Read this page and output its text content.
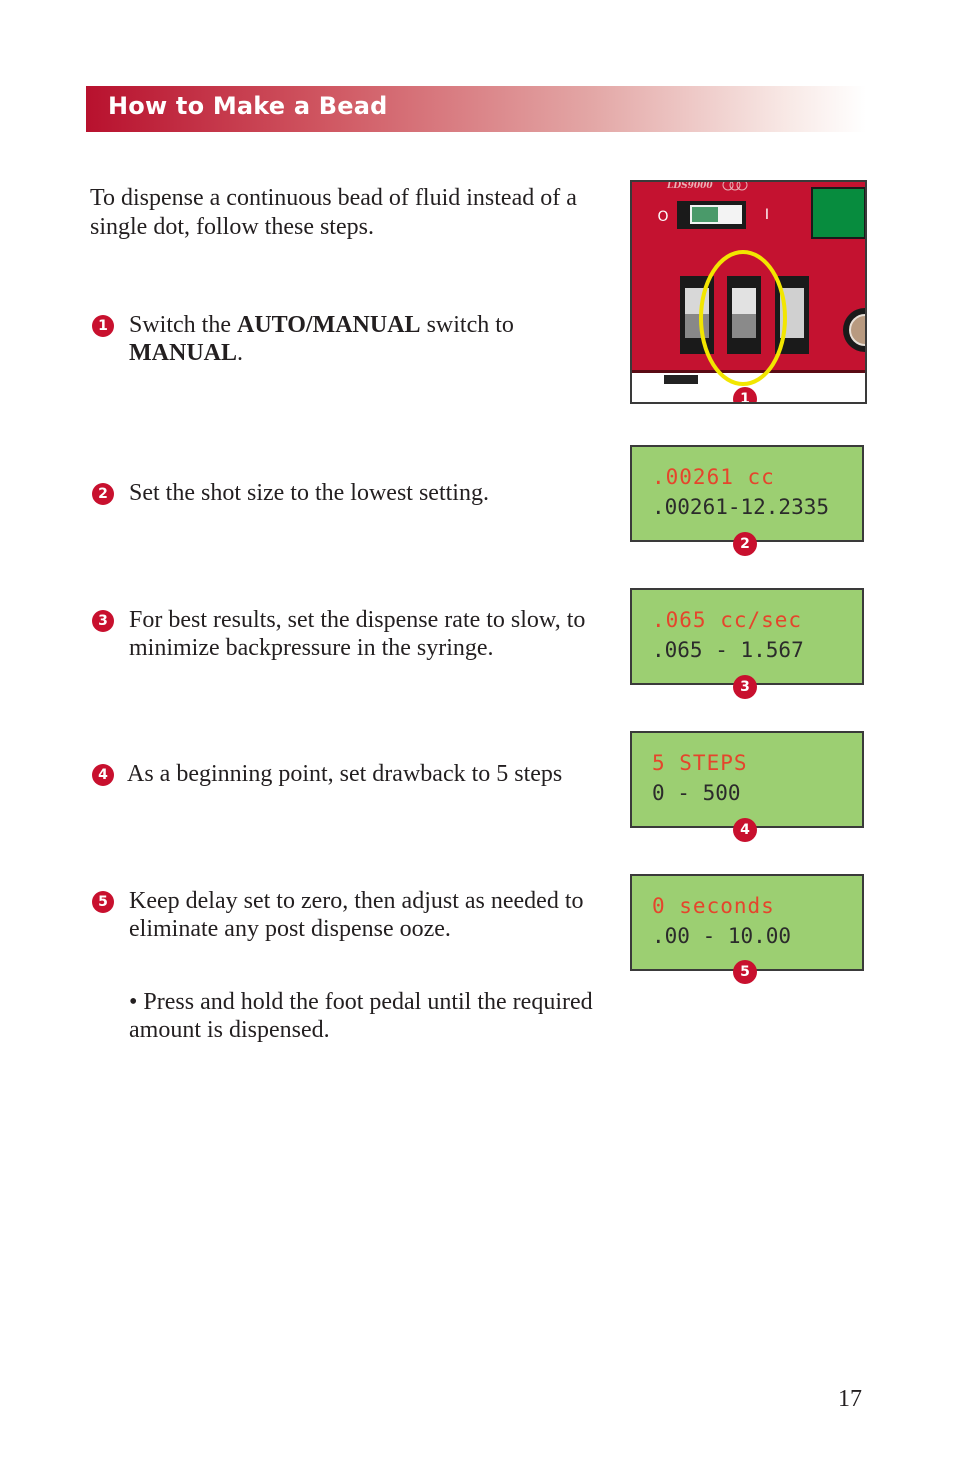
How to Make a Bead

To dispense a continuous bead of fluid instead of a single dot, follow these steps.

1 Switch the AUTO/MANUAL switch to
MANUAL.
2 Set the shot size to the lowest setting.
3 For best results, set the dispense rate to slow, to minimize backpressure in the syringe.
4 As a beginning point, set drawback to 5 steps
5 Keep delay set to zero, then adjust as needed to eliminate any post dispense ooze.
• Press and hold the foot pedal until the required amount is dispensed.
LDS9000
O	I
1
.00261 cc
.00261-12.2335
2
.065 cc/sec
.065 - 1.567
3
5 STEPS
0 - 500
4
0 seconds
.00 - 10.00
5
17
